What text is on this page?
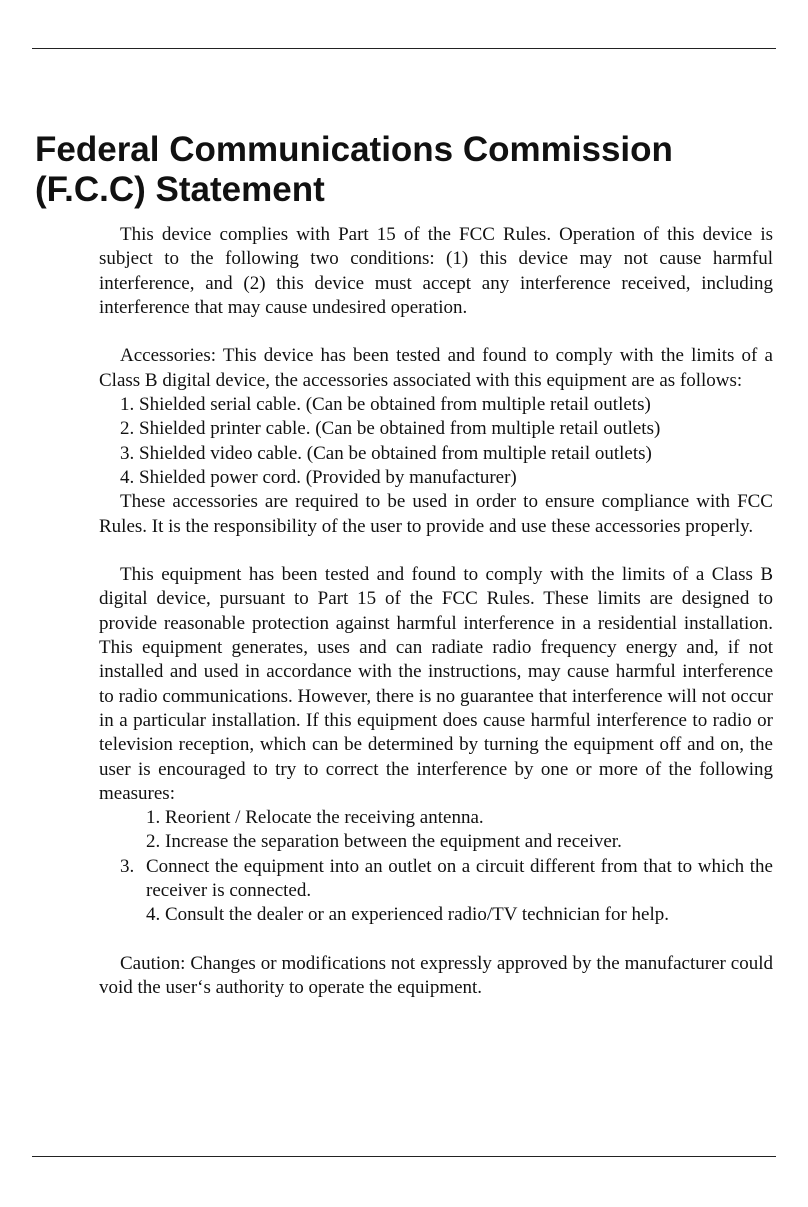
Federal Communications Commission
(F.C.C) Statement

This device complies with Part 15 of the FCC Rules. Operation of this device is subject to the following two conditions: (1) this device may not cause harmful interference, and (2) this device must accept any interference received, including interference that may cause undesired operation.

Accessories: This device has been tested and found to comply with the limits of a Class B digital device, the accessories associated with this equipment are as follows:

1. Shielded serial cable. (Can be obtained from multiple retail outlets)
2. Shielded printer cable. (Can be obtained from multiple retail outlets)
3. Shielded video cable. (Can be obtained from multiple retail outlets)
4. Shielded power cord. (Provided by manufacturer)

These accessories are required to be used in order to ensure compliance with FCC Rules. It is the responsibility of the user to provide and use these accessories properly.

This equipment has been tested and found to comply with the limits of a Class B digital device, pursuant to Part 15 of the FCC Rules. These limits are designed to provide reasonable protection against harmful interference in a residential installation. This equipment generates, uses and can radiate radio frequency energy and, if not installed and used in accordance with the instructions, may cause harmful interference to radio communications. However, there is no guarantee that interference will not occur in a particular installation. If this equipment does cause harmful interference to radio or television reception, which can be determined by turning the equipment off and on, the user is encouraged to try to correct the interference by one or more of the following measures:

1. Reorient / Relocate the receiving antenna.
2. Increase the separation between the equipment and receiver.
3. Connect the equipment into an outlet on a circuit different from that to which the receiver is connected.
4. Consult the dealer or an experienced radio/TV technician for help.

Caution: Changes or modifications not expressly approved by the manufacturer could void the user‘s authority to operate the equipment.
